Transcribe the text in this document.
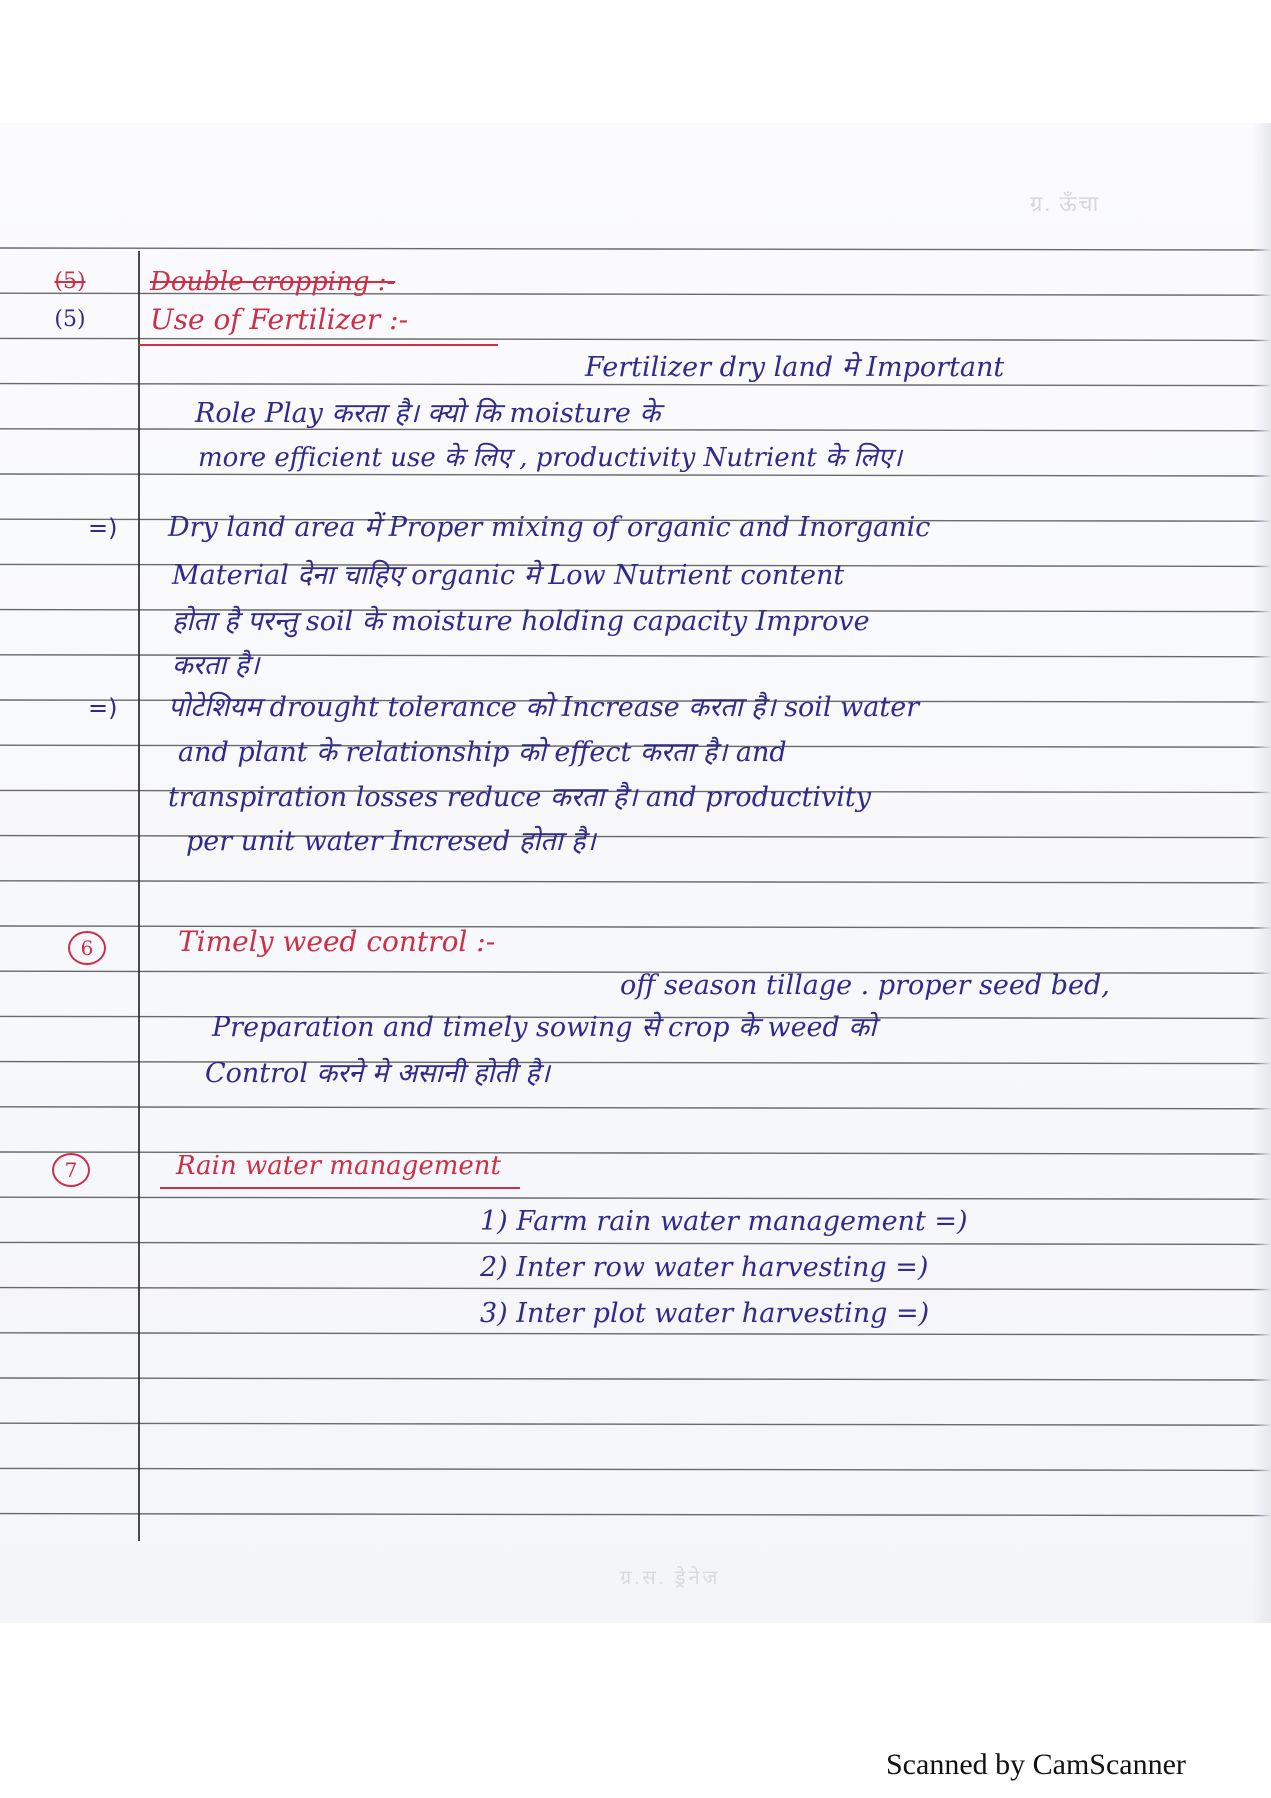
ग्र. ऊँचा
(5)	Double cropping :-
(5)	Use of Fertilizer :-
Fertilizer dry land मे Important
Role Play करता है। क्यो कि moisture के
more efficient use के लिए , productivity Nutrient के लिए।
=) Dry land area में Proper mixing of organic and Inorganic
Material देना चाहिए organic मे Low Nutrient content
होता है परन्तु soil के moisture holding capacity Improve
करता है।
=) पोटेशियम drought tolerance को Increase करता है। soil water
and plant के relationship को effect करता है। and
transpiration losses reduce करता है। and productivity
per unit water Incresed होता है।
6	Timely weed control :-
off season tillage . proper seed bed,
Preparation and timely sowing से crop के weed को
Control करने मे असानी होती है।
7	Rain water management
1) Farm rain water management =)
2) Inter row water harvesting =)
3) Inter plot water harvesting =)
ग्र.स. ड्रेनेज
Scanned by CamScanner
